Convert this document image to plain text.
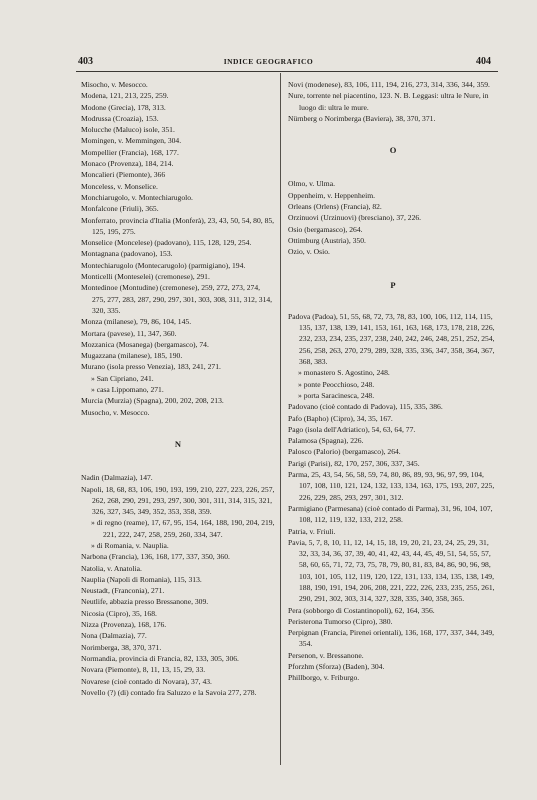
403	INDICE GEOGRAFICO	404
Misocho, v. Mesocco.
Modena, 121, 213, 225, 259.
Modone (Grecia), 178, 313.
Modrussa (Croazia), 153.
Molucche (Maluco) isole, 351.
Momingen, v. Memmingen, 304.
Mompellier (Francia), 168, 177.
Monaco (Provenza), 184, 214.
Moncalieri (Piemonte), 366
Monceless, v. Monselice.
Monchiarugolo, v. Montechiarugolo.
Monfalcone (Friuli), 365.
Monferrato, provincia d'Italia (Monferà), 23, 43, 50, 54, 80, 85, 125, 195, 275.
Monselice (Moncelese) (padovano), 115, 128, 129, 254.
Montagnana (padovano), 153.
Montechiarugolo (Montecarugolo) (parmigiano), 194.
Monticelli (Monteselei) (cremonese), 291.
Montedinoe (Montudine) (cremonese), 259, 272, 273, 274, 275, 277, 283, 287, 290, 297, 301, 303, 308, 311, 312, 314, 320, 335.
Monza (milanese), 79, 86, 104, 145.
Mortara (pavese), 11, 347, 360.
Mozzanica (Mosanega) (bergamasco), 74.
Mugazzana (milanese), 185, 190.
Murano (isola presso Venezia), 183, 241, 271.
» San Cipriano, 241.
» casa Lippomano, 271.
Murcia (Murzia) (Spagna), 200, 202, 208, 213.
Musocho, v. Mesocco.
N
Nadin (Dalmazia), 147.
Napoli, 18, 68, 83, 106, 190, 193, 199, 210, 227, 223, 226, 257, 262, 268, 290, 291, 293, 297, 300, 301, 311, 314, 315, 321, 326, 327, 345, 349, 352, 353, 358, 359.
» di regno (reame), 17, 67, 95, 154, 164, 188, 190, 204, 219, 221, 222, 247, 258, 259, 260, 334, 347.
» di Romania, v. Nauplia.
Narbona (Francia), 136, 168, 177, 337, 350, 360.
Natolia, v. Anatolia.
Nauplia (Napoli di Romania), 115, 313.
Neustadt, (Franconia), 271.
Neutlife, abbazia presso Bressanone, 309.
Nicosia (Cipro), 35, 168.
Nizza (Provenza), 168, 176.
Nona (Dalmazia), 77.
Norimberga, 38, 370, 371.
Normandia, provincia di Francia, 82, 133, 305, 306.
Novara (Piemonte), 8, 11, 13, 15, 29, 33.
Novarese (cioè contado di Novara), 37, 43.
Novello (?) (di) contado fra Saluzzo e la Savoia 277, 278.
Novi (modenese), 83, 106, 111, 194, 216, 273, 314, 336, 344, 359.
Nure, torrente nel piacentino, 123. N. B. Leggasi: ultra le Nure, in luogo di: ultra le mure.
Nürnberg o Norimberga (Baviera), 38, 370, 371.
O
Olmo, v. Ulma.
Oppenheim, v. Heppenheim.
Orleans (Orlens) (Francia), 82.
Orzinuovi (Urzinuovi) (bresciano), 37, 226.
Osio (bergamasco), 264.
Ottimburg (Austria), 350.
Ozio, v. Osio.
P
Padova (Padoa), 51, 55, 68, 72, 73, 78, 83, 100, 106, 112, 114, 115, 135, 137, 138, 139, 141, 153, 161, 163, 168, 173, 178, 218, 226, 232, 233, 234, 235, 237, 238, 240, 242, 246, 248, 251, 252, 254, 256, 258, 263, 270, 279, 289, 328, 335, 336, 347, 358, 364, 367, 368, 383.
» monastero S. Agostino, 248.
» ponte Peocchioso, 248.
» porta Saracinesca, 248.
Padovano (cioè contado di Padova), 115, 335, 386.
Pafo (Bapho) (Cipro), 34, 35, 167.
Pago (isola dell'Adriatico), 54, 63, 64, 77.
Palamosa (Spagna), 226.
Paloscо (Palorio) (bergamasco), 264.
Parigi (Parisi), 82, 170, 257, 306, 337, 345.
Parma, 25, 43, 54, 56, 58, 59, 74, 80, 86, 89, 93, 96, 97, 99, 104, 107, 108, 110, 121, 124, 132, 133, 134, 163, 175, 193, 207, 225, 226, 229, 285, 293, 297, 301, 312.
Parmigiano (Parmesana) (cioè contado di Parma), 31, 96, 104, 107, 108, 112, 119, 132, 133, 212, 258.
Patria, v. Friuli.
Pavia, 5, 7, 8, 10, 11, 12, 14, 15, 18, 19, 20, 21, 23, 24, 25, 29, 31, 32, 33, 34, 36, 37, 39, 40, 41, 42, 43, 44, 45, 49, 51, 54, 55, 57, 58, 60, 65, 71, 72, 73, 75, 78, 79, 80, 81, 83, 84, 86, 90, 96, 98, 103, 101, 105, 112, 119, 120, 122, 131, 133, 134, 135, 138, 149, 188, 190, 191, 194, 206, 208, 221, 222, 226, 233, 235, 255, 261, 290, 291, 302, 303, 314, 327, 328, 335, 340, 358, 365.
Pera (sobborgo di Costantinopoli), 62, 164, 356.
Peristerona Tumorso (Cipro), 380.
Perpignan (Francia, Pirenei orientali), 136, 168, 177, 337, 344, 349, 354.
Persenon, v. Bressanone.
Pforzhm (Sforza) (Baden), 304.
Phillborgo, v. Friburgo.
